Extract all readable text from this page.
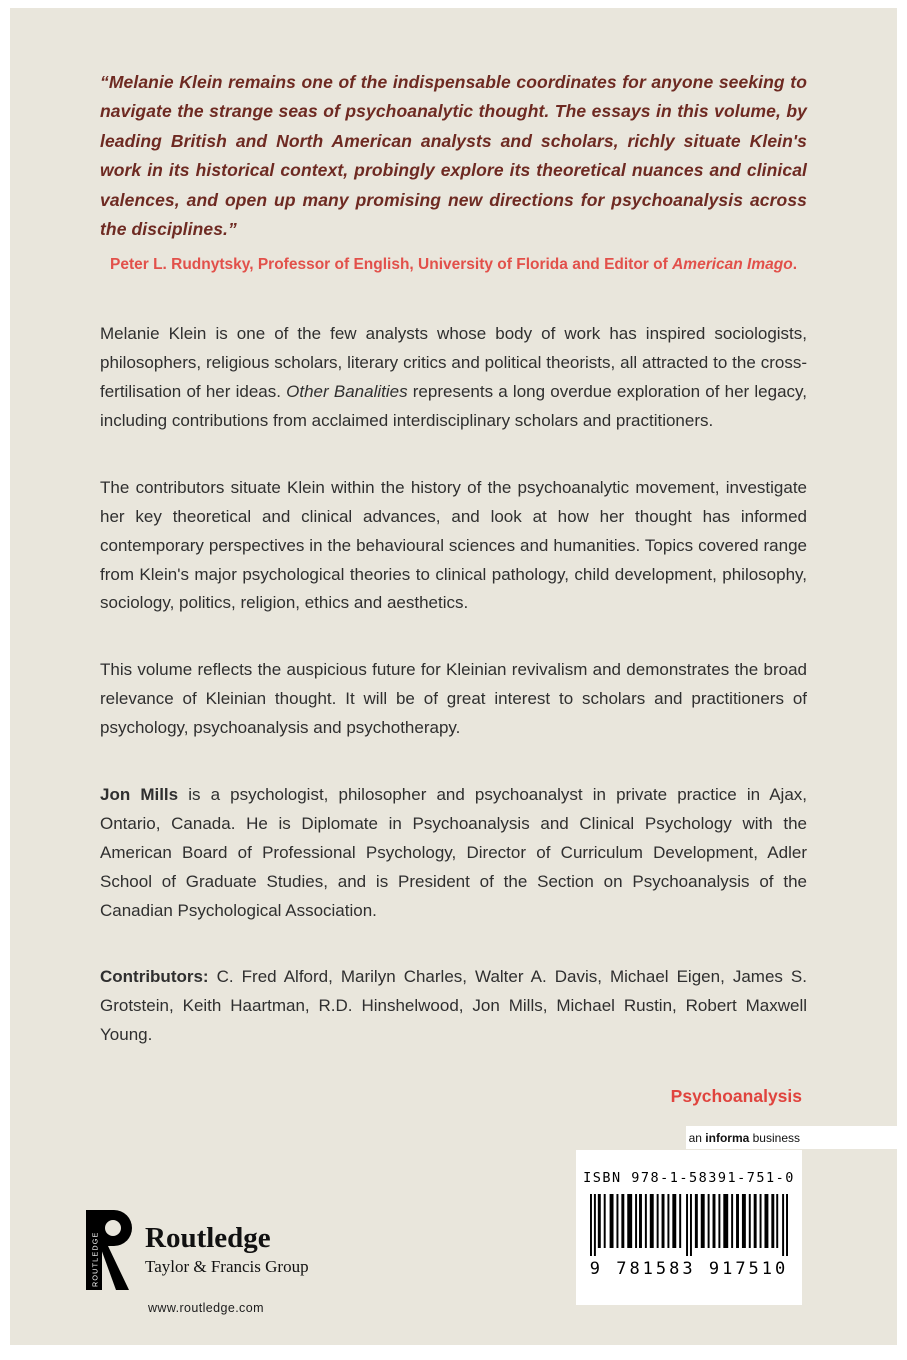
“Melanie Klein remains one of the indispensable coordinates for anyone seeking to navigate the strange seas of psychoanalytic thought. The essays in this volume, by leading British and North American analysts and scholars, richly situate Klein's work in its historical context, probingly explore its theoretical nuances and clinical valences, and open up many promising new directions for psychoanalysis across the disciplines.”

Peter L. Rudnytsky, Professor of English, University of Florida and Editor of American Imago.

Melanie Klein is one of the few analysts whose body of work has inspired sociologists, philosophers, religious scholars, literary critics and political theorists, all attracted to the cross-fertilisation of her ideas. Other Banalities represents a long overdue exploration of her legacy, including contributions from acclaimed interdisciplinary scholars and practitioners.

The contributors situate Klein within the history of the psychoanalytic movement, investigate her key theoretical and clinical advances, and look at how her thought has informed contemporary perspectives in the behavioural sciences and humanities. Topics covered range from Klein's major psychological theories to clinical pathology, child development, philosophy, sociology, politics, religion, ethics and aesthetics.

This volume reflects the auspicious future for Kleinian revivalism and demonstrates the broad relevance of Kleinian thought. It will be of great interest to scholars and practitioners of psychology, psychoanalysis and psychotherapy.

Jon Mills is a psychologist, philosopher and psychoanalyst in private practice in Ajax, Ontario, Canada. He is Diplomate in Psychoanalysis and Clinical Psychology with the American Board of Professional Psychology, Director of Curriculum Development, Adler School of Graduate Studies, and is President of the Section on Psychoanalysis of the Canadian Psychological Association.

Contributors: C. Fred Alford, Marilyn Charles, Walter A. Davis, Michael Eigen, James S. Grotstein, Keith Haartman, R.D. Hinshelwood, Jon Mills, Michael Rustin, Robert Maxwell Young.

Psychoanalysis
an informa business
ISBN 978-1-58391-751-0
9 781583 917510
ROUTLEDGE Routledge
Taylor & Francis Group
www.routledge.com
